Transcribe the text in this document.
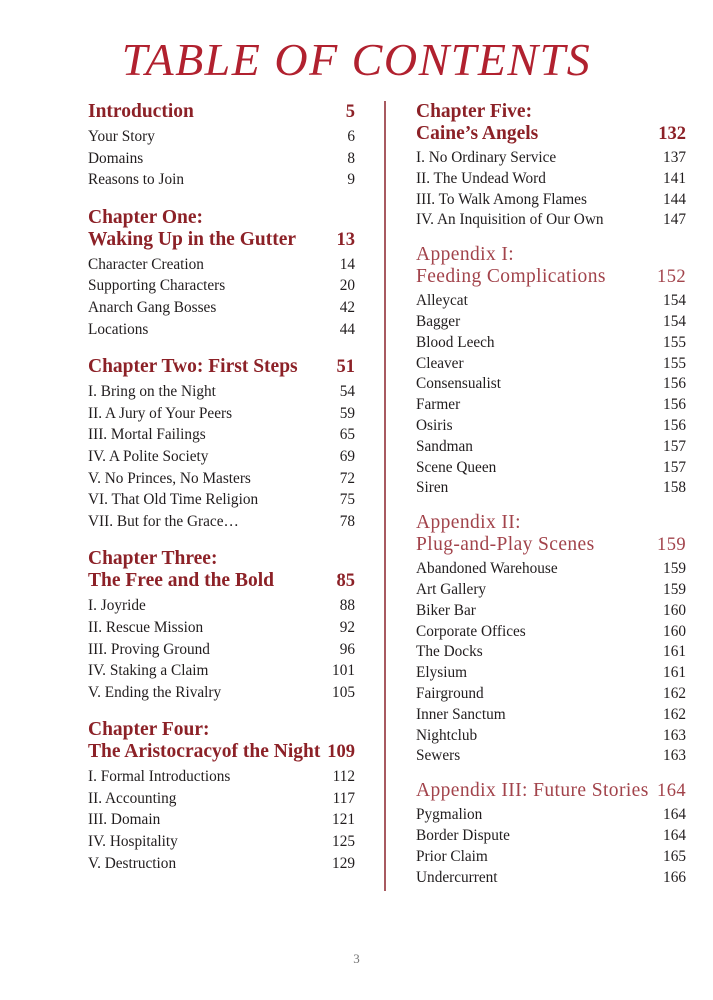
TABLE OF CONTENTS
Introduction	5
Your Story	6
Domains	8
Reasons to Join	9
Chapter One:
Waking Up in the Gutter 13
Character Creation	14
Supporting Characters	20
Anarch Gang Bosses	42
Locations	44
Chapter Two: First Steps 51
I. Bring on the Night	54
II. A Jury of Your Peers	59
III. Mortal Failings	65
IV. A Polite Society	69
V. No Princes, No Masters	72
VI. That Old Time Religion	75
VII. But for the Grace…	78
Chapter Three:
The Free and the Bold	85
I. Joyride	88
II. Rescue Mission	92
III. Proving Ground	96
IV. Staking a Claim	101
V. Ending the Rivalry	105
Chapter Four:
The Aristocracyof the Night 109
I. Formal Introductions	112
II. Accounting	117
III. Domain	121
IV. Hospitality	125
V. Destruction	129
Chapter Five:
Caine’s Angels	132
I. No Ordinary Service	137
II. The Undead Word	141
III. To Walk Among Flames	144
IV. An Inquisition of Our Own	147
Appendix I:
Feeding Complications	152
Alleycat	154
Bagger	154
Blood Leech	155
Cleaver	155
Consensualist	156
Farmer	156
Osiris	156
Sandman	157
Scene Queen	157
Siren	158
Appendix II:
Plug-and-Play Scenes	159
Abandoned Warehouse	159
Art Gallery	159
Biker Bar	160
Corporate Offices	160
The Docks	161
Elysium	161
Fairground	162
Inner Sanctum	162
Nightclub	163
Sewers	163
Appendix III: Future Stories 164
Pygmalion	164
Border Dispute	164
Prior Claim	165
Undercurrent	166
3
